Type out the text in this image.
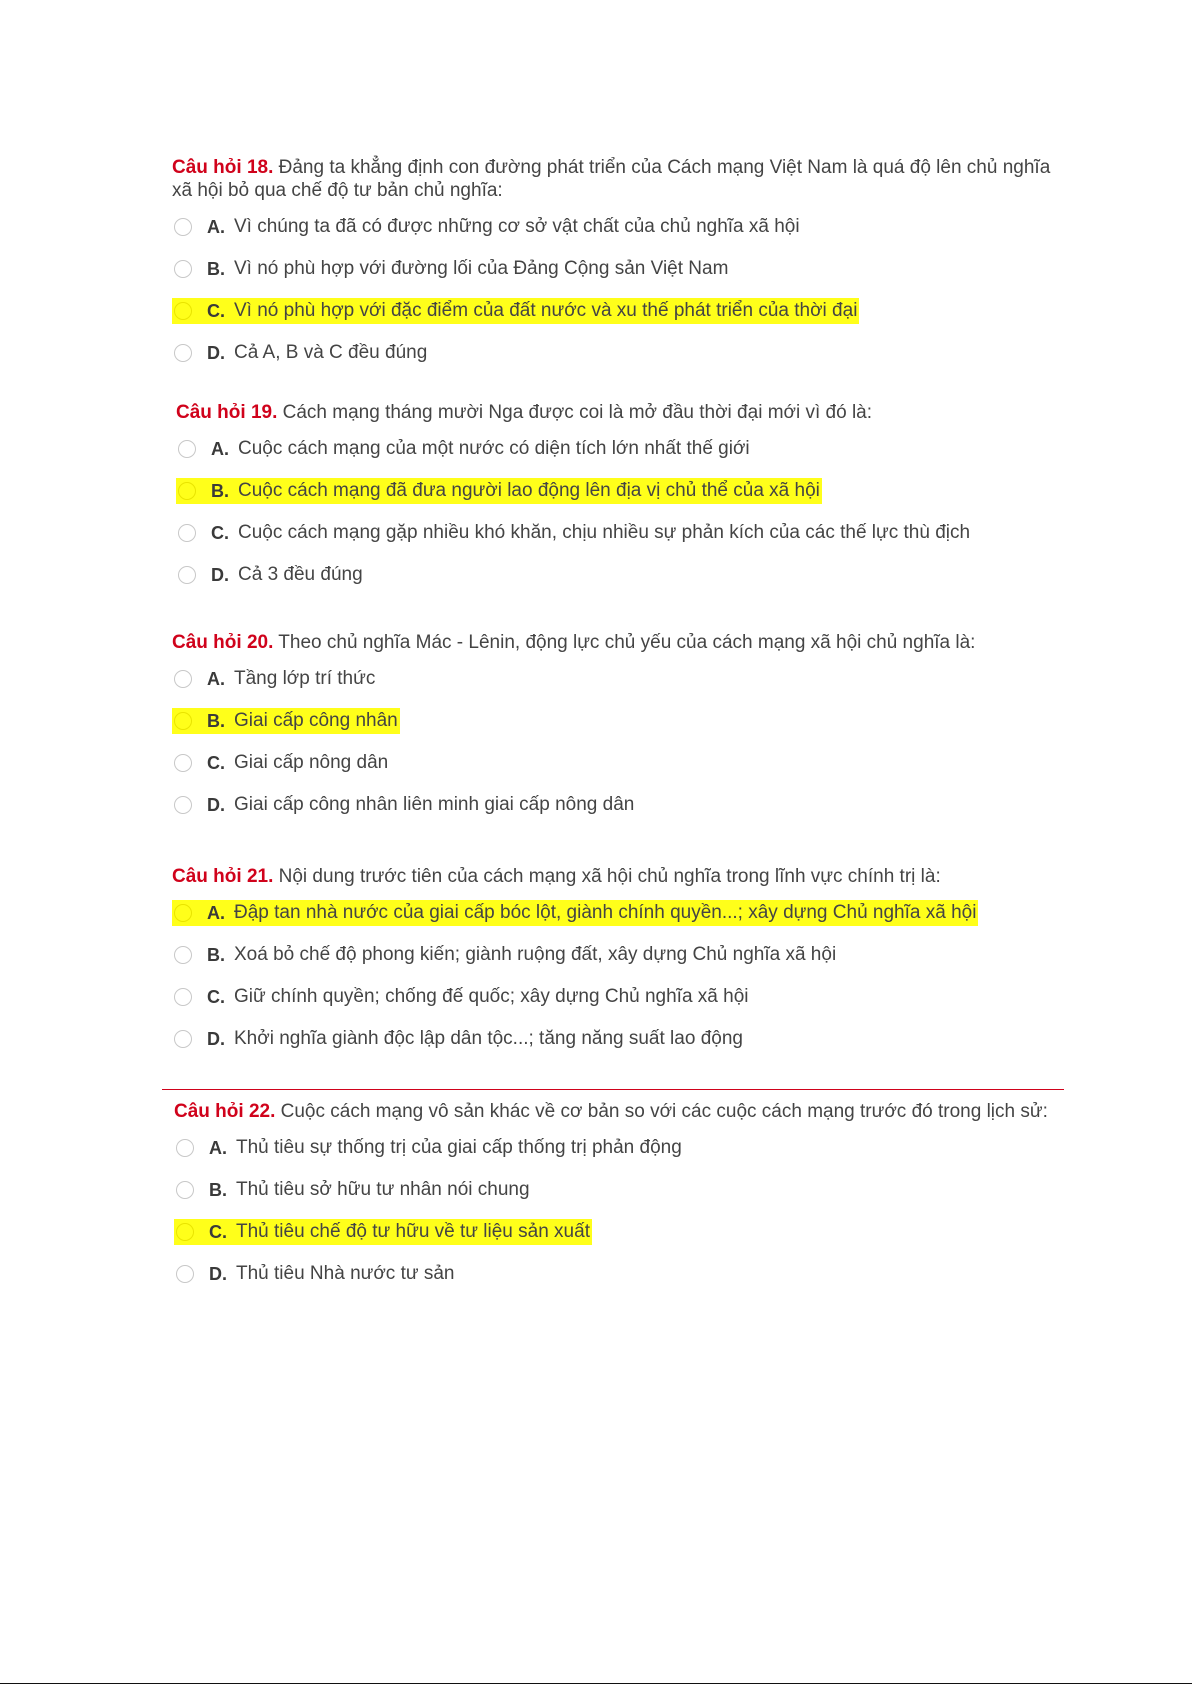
Câu hỏi 18. Đảng ta khẳng định con đường phát triển của Cách mạng Việt Nam là quá độ lên chủ nghĩa xã hội bỏ qua chế độ tư bản chủ nghĩa:

A. Vì chúng ta đã có được những cơ sở vật chất của chủ nghĩa xã hội
B. Vì nó phù hợp với đường lối của Đảng Cộng sản Việt Nam
C. Vì nó phù hợp với đặc điểm của đất nước và xu thế phát triển của thời đại
D. Cả A, B và C đều đúng

Câu hỏi 19. Cách mạng tháng mười Nga được coi là mở đầu thời đại mới vì đó là:

A. Cuộc cách mạng của một nước có diện tích lớn nhất thế giới
B. Cuộc cách mạng đã đưa người lao động lên địa vị chủ thể của xã hội
C. Cuộc cách mạng gặp nhiều khó khăn, chịu nhiều sự phản kích của các thế lực thù địch
D. Cả 3 đều đúng

Câu hỏi 20. Theo chủ nghĩa Mác - Lênin, động lực chủ yếu của cách mạng xã hội chủ nghĩa là:

A. Tầng lớp trí thức
B. Giai cấp công nhân
C. Giai cấp nông dân
D. Giai cấp công nhân liên minh giai cấp nông dân

Câu hỏi 21. Nội dung trước tiên của cách mạng xã hội chủ nghĩa trong lĩnh vực chính trị là:

A. Đập tan nhà nước của giai cấp bóc lột, giành chính quyền...; xây dựng Chủ nghĩa xã hội
B. Xoá bỏ chế độ phong kiến; giành ruộng đất, xây dựng Chủ nghĩa xã hội
C. Giữ chính quyền; chống đế quốc; xây dựng Chủ nghĩa xã hội
D. Khởi nghĩa giành độc lập dân tộc...; tăng năng suất lao động

Câu hỏi 22. Cuộc cách mạng vô sản khác về cơ bản so với các cuộc cách mạng trước đó trong lịch sử:

A. Thủ tiêu sự thống trị của giai cấp thống trị phản động
B. Thủ tiêu sở hữu tư nhân nói chung
C. Thủ tiêu chế độ tư hữu về tư liệu sản xuất
D. Thủ tiêu Nhà nước tư sản
